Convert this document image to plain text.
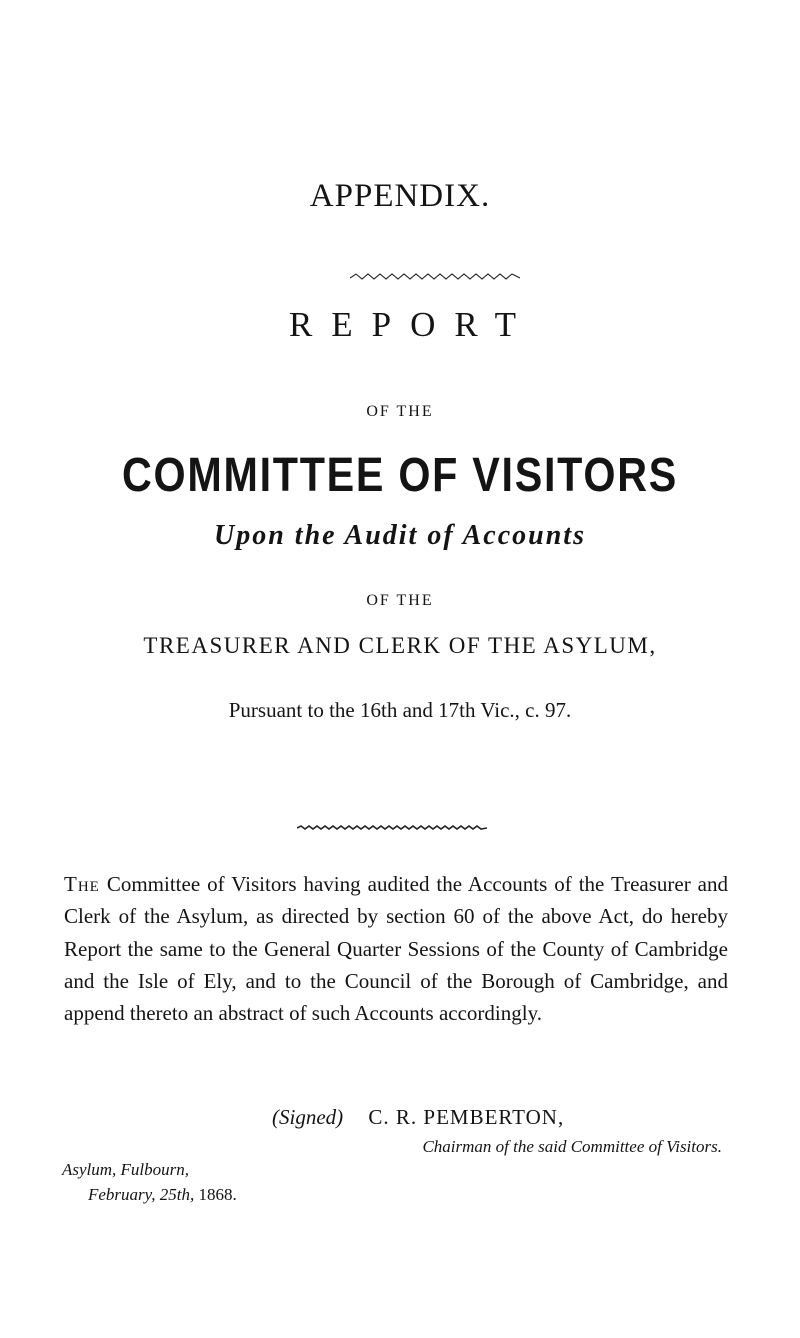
APPENDIX.
REPORT
OF THE
COMMITTEE OF VISITORS
Upon the Audit of Accounts
OF THE
TREASURER AND CLERK OF THE ASYLUM,
Pursuant to the 16th and 17th Vic., c. 97.

The Committee of Visitors having audited the Accounts of the Treasurer and Clerk of the Asylum, as directed by section 60 of the above Act, do hereby Report the same to the General Quarter Sessions of the County of Cambridge and the Isle of Ely, and to the Council of the Borough of Cambridge, and append thereto an abstract of such Accounts accordingly.

(Signed) C. R. PEMBERTON,
Chairman of the said Committee of Visitors.
Asylum, Fulbourn,
February, 25th, 1868.
